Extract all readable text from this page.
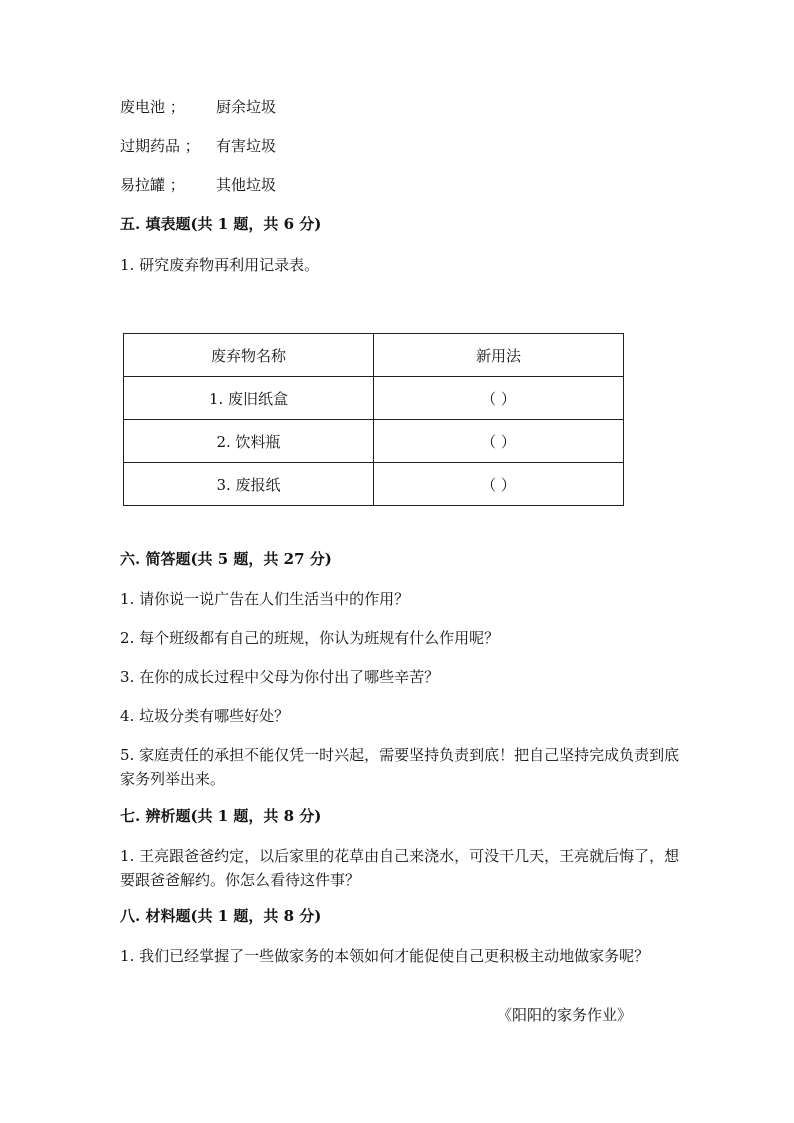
废电池 ； 厨余垃圾
过期药品 ； 有害垃圾
易拉罐 ； 其他垃圾
五. 填表题(共 1 题，共 6 分)
1. 研究废弃物再利用记录表。
废弃物名称	新用法
1. 废旧纸盒	（ ）
2. 饮料瓶	（ ）
3. 废报纸	（ ）
六. 简答题(共 5 题，共 27 分)
1. 请你说一说广告在人们生活当中的作用？
2. 每个班级都有自己的班规，你认为班规有什么作用呢？
3. 在你的成长过程中父母为你付出了哪些辛苦？
4. 垃圾分类有哪些好处？
5. 家庭责任的承担不能仅凭一时兴起，需要坚持负责到底！把自己坚持完成负责到底家务列举出来。
七. 辨析题(共 1 题，共 8 分)
1. 王亮跟爸爸约定，以后家里的花草由自己来浇水，可没干几天，王亮就后悔了，想要跟爸爸解约。你怎么看待这件事？
八. 材料题(共 1 题，共 8 分)
1. 我们已经掌握了一些做家务的本领如何才能促使自己更积极主动地做家务呢？
《阳阳的家务作业》
